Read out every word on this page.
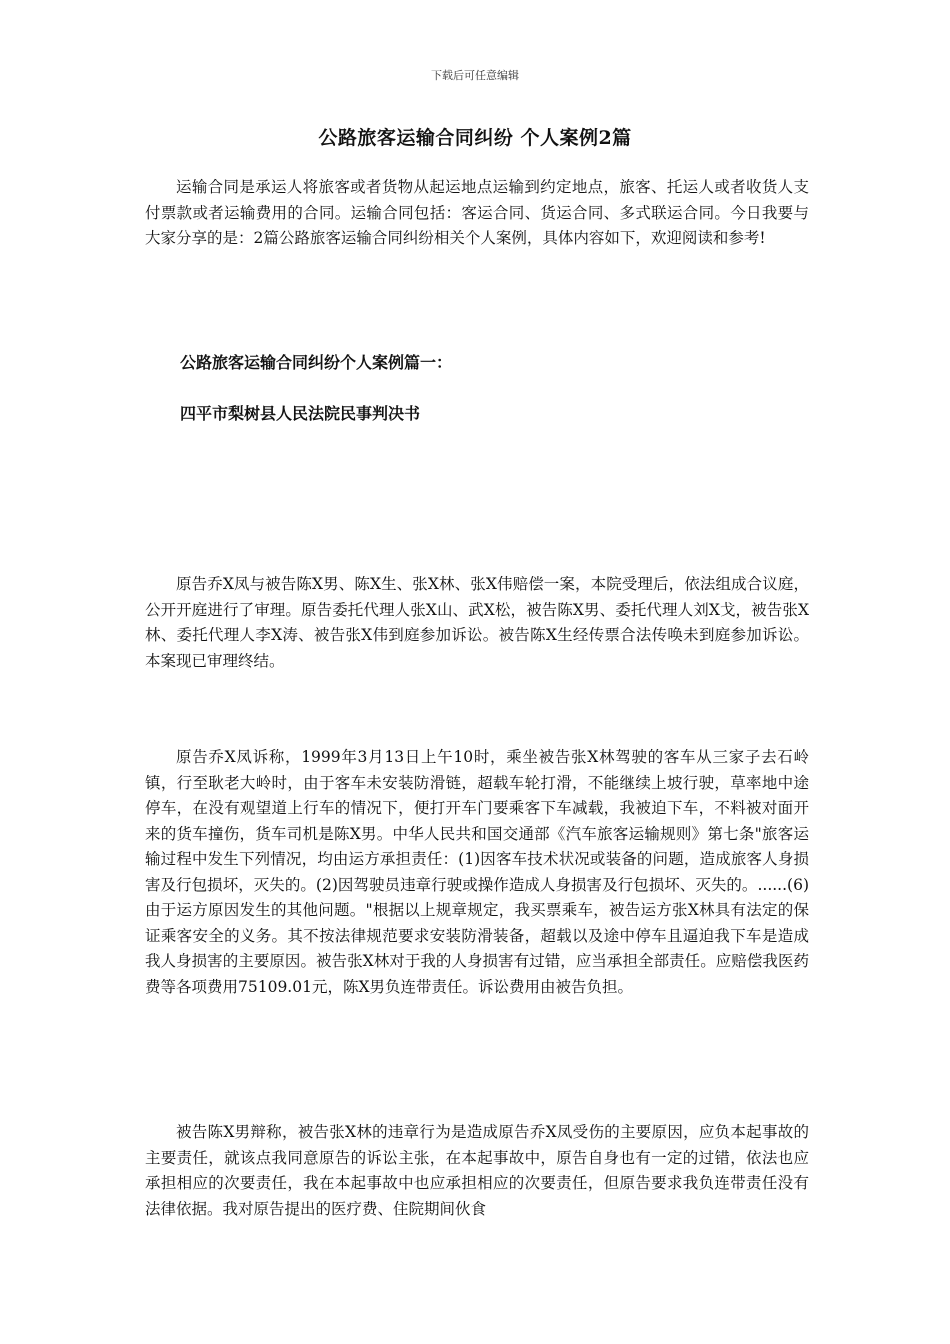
下载后可任意编辑
公路旅客运输合同纠纷 个人案例2篇

运输合同是承运人将旅客或者货物从起运地点运输到约定地点，旅客、托运人或者收货人支付票款或者运输费用的合同。运输合同包括：客运合同、货运合同、多式联运合同。今日我要与大家分享的是：2篇公路旅客运输合同纠纷相关个人案例，具体内容如下，欢迎阅读和参考!

公路旅客运输合同纠纷个人案例篇一：

四平市梨树县人民法院民事判决书

原告乔X凤与被告陈X男、陈X生、张X林、张X伟赔偿一案，本院受理后，依法组成合议庭，公开开庭进行了审理。原告委托代理人张X山、武X松，被告陈X男、委托代理人刘X戈，被告张X林、委托代理人李X涛、被告张X伟到庭参加诉讼。被告陈X生经传票合法传唤未到庭参加诉讼。本案现已审理终结。

原告乔X凤诉称，1999年3月13日上午10时，乘坐被告张X林驾驶的客车从三家子去石岭镇，行至耿老大岭时，由于客车未安装防滑链，超载车轮打滑，不能继续上坡行驶，草率地中途停车，在没有观望道上行车的情况下，便打开车门要乘客下车减载，我被迫下车，不料被对面开来的货车撞伤，货车司机是陈X男。中华人民共和国交通部《汽车旅客运输规则》第七条"旅客运输过程中发生下列情况，均由运方承担责任：(1)因客车技术状况或装备的问题，造成旅客人身损害及行包损坏，灭失的。(2)因驾驶员违章行驶或操作造成人身损害及行包损坏、灭失的。......(6)由于运方原因发生的其他问题。"根据以上规章规定，我买票乘车，被告运方张X林具有法定的保证乘客安全的义务。其不按法律规范要求安装防滑装备，超载以及途中停车且逼迫我下车是造成我人身损害的主要原因。被告张X林对于我的人身损害有过错，应当承担全部责任。应赔偿我医药费等各项费用75109.01元，陈X男负连带责任。诉讼费用由被告负担。

被告陈X男辩称，被告张X林的违章行为是造成原告乔X凤受伤的主要原因，应负本起事故的主要责任，就该点我同意原告的诉讼主张，在本起事故中，原告自身也有一定的过错，依法也应承担相应的次要责任，我在本起事故中也应承担相应的次要责任，但原告要求我负连带责任没有法律依据。我对原告提出的医疗费、住院期间伙食
